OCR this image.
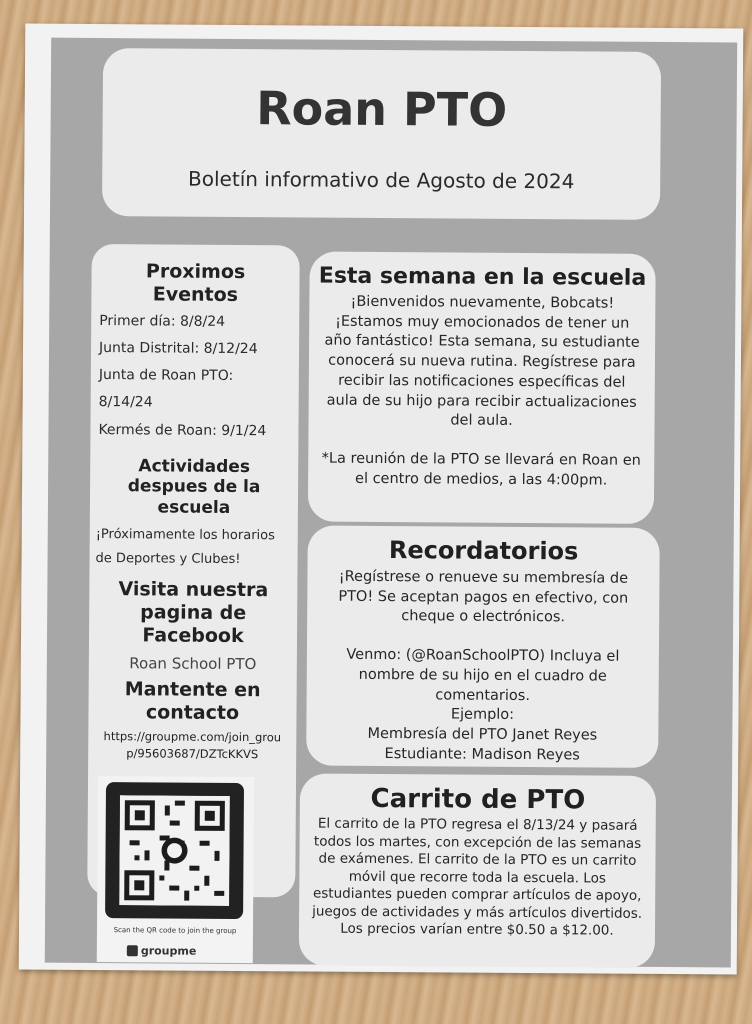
Roan PTO
Boletín informativo de Agosto de 2024
Proximos Eventos

Primer día: 8/8/24

Junta Distrital: 8/12/24

Junta de Roan PTO:

8/14/24

Kermés de Roan: 9/1/24

Actividades despues de la escuela

¡Próximamente los horarios

de Deportes y Clubes!

Visita nuestra pagina de Facebook
Roan School PTO
Mantente en contacto
https://groupme.com/join_grou
p/95603687/DZTcKKVS
Scan the QR code to join the group
groupme
Esta semana en la escuela

¡Bienvenidos nuevamente, Bobcats! ¡Estamos muy emocionados de tener un año fantástico! Esta semana, su estudiante conocerá su nueva rutina. Regístrese para recibir las notificaciones específicas del aula de su hijo para recibir actualizaciones del aula.

*La reunión de la PTO se llevará en Roan en el centro de medios, a las 4:00pm.

Recordatorios

¡Regístrese o renueve su membresía de PTO! Se aceptan pagos en efectivo, con cheque o electrónicos.

Venmo: (@RoanSchoolPTO) Incluya el nombre de su hijo en el cuadro de comentarios.

Ejemplo:

Membresía del PTO Janet Reyes

Estudiante: Madison Reyes

Carrito de PTO

El carrito de la PTO regresa el 8/13/24 y pasará todos los martes, con excepción de las semanas de exámenes. El carrito de la PTO es un carrito móvil que recorre toda la escuela. Los estudiantes pueden comprar artículos de apoyo, juegos de actividades y más artículos divertidos.

Los precios varían entre $0.50 a $12.00.
